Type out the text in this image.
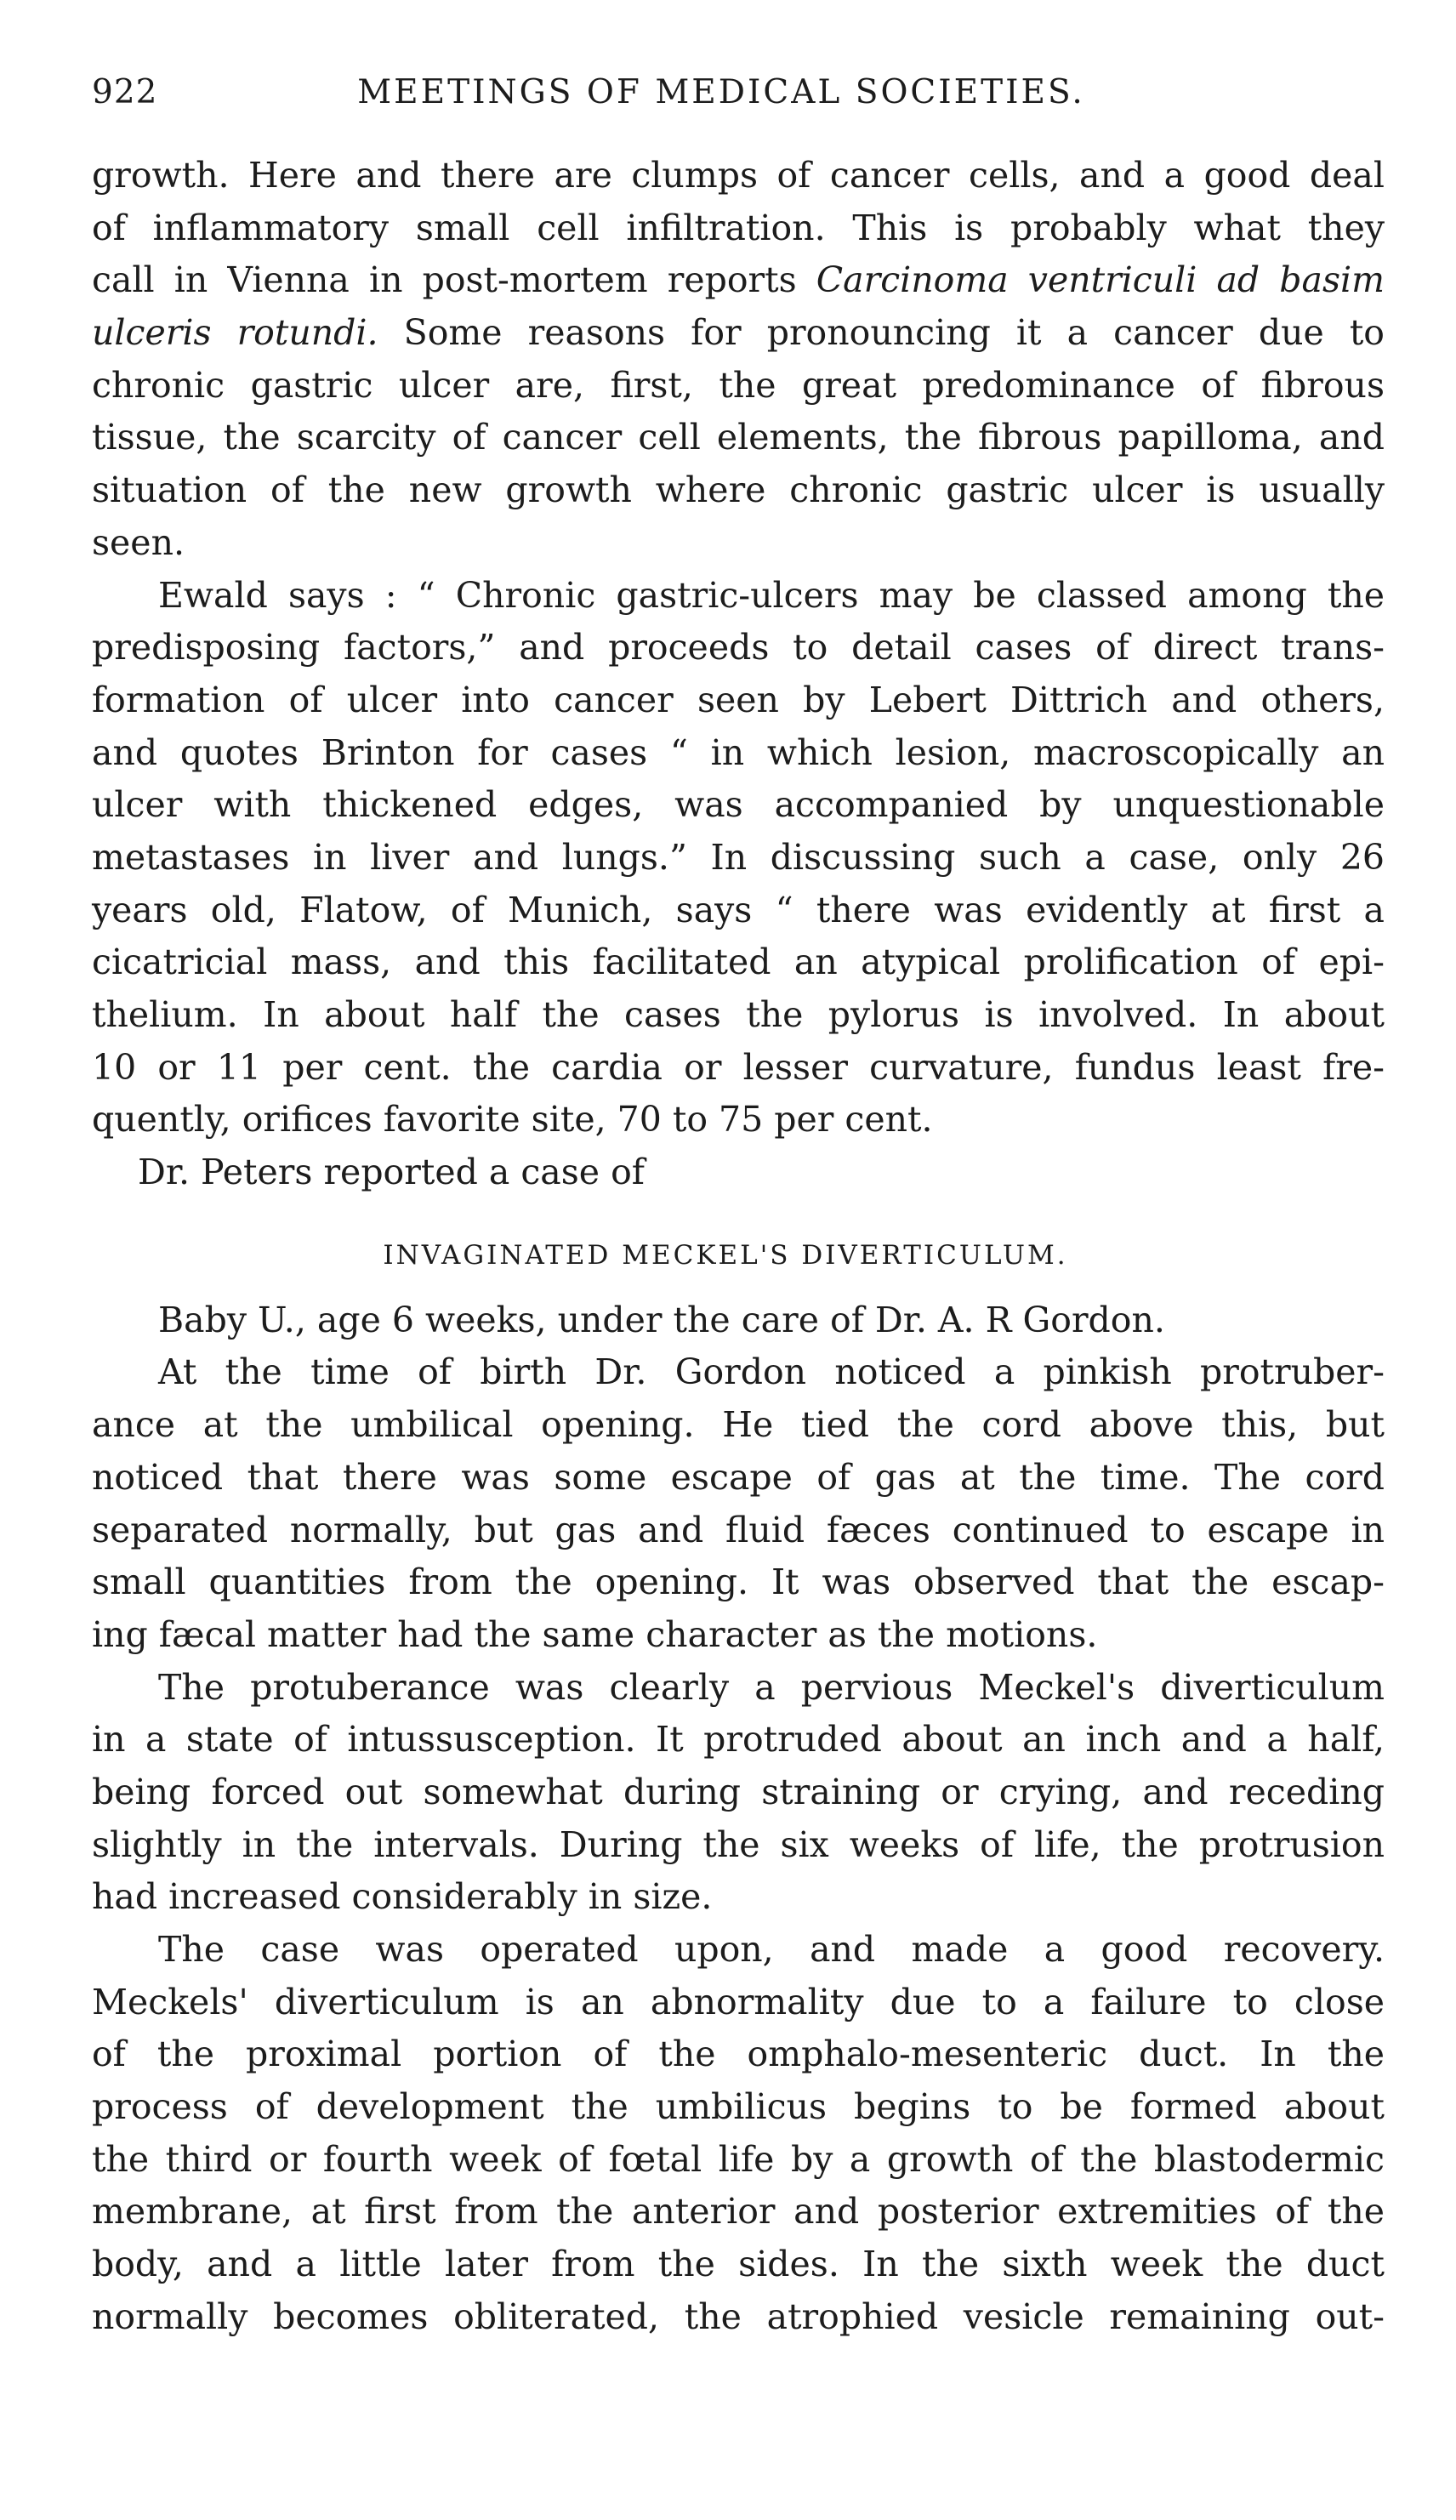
922	MEETINGS OF MEDICAL SOCIETIES.
growth. Here and there are clumps of cancer cells, and a good deal
of inflammatory small cell infiltration. This is probably what they
call in Vienna in post-mortem reports Carcinoma ventriculi ad basim
ulceris rotundi. Some reasons for pronouncing it a cancer due to
chronic gastric ulcer are, first, the great predominance of fibrous
tissue, the scarcity of cancer cell elements, the fibrous papilloma, and
situation of the new growth where chronic gastric ulcer is usually
seen.
Ewald says : “ Chronic gastric-ulcers may be classed among the
predisposing factors,” and proceeds to detail cases of direct trans-
formation of ulcer into cancer seen by Lebert Dittrich and others,
and quotes Brinton for cases “ in which lesion, macroscopically an
ulcer with thickened edges, was accompanied by unquestionable
metastases in liver and lungs.” In discussing such a case, only 26
years old, Flatow, of Munich, says “ there was evidently at first a
cicatricial mass, and this facilitated an atypical prolification of epi-
thelium. In about half the cases the pylorus is involved. In about
10 or 11 per cent. the cardia or lesser curvature, fundus least fre-
quently, orifices favorite site, 70 to 75 per cent.
Dr. Peters reported a case of
INVAGINATED MECKEL'S DIVERTICULUM.
Baby U., age 6 weeks, under the care of Dr. A. R Gordon.
At the time of birth Dr. Gordon noticed a pinkish protruber-
ance at the umbilical opening. He tied the cord above this, but
noticed that there was some escape of gas at the time. The cord
separated normally, but gas and fluid fæces continued to escape in
small quantities from the opening. It was observed that the escap-
ing fæcal matter had the same character as the motions.
The protuberance was clearly a pervious Meckel's diverticulum
in a state of intussusception. It protruded about an inch and a half,
being forced out somewhat during straining or crying, and receding
slightly in the intervals. During the six weeks of life, the protrusion
had increased considerably in size.
The case was operated upon, and made a good recovery.
Meckels' diverticulum is an abnormality due to a failure to close
of the proximal portion of the omphalo-mesenteric duct. In the
process of development the umbilicus begins to be formed about
the third or fourth week of fœtal life by a growth of the blastodermic
membrane, at first from the anterior and posterior extremities of the
body, and a little later from the sides. In the sixth week the duct
normally becomes obliterated, the atrophied vesicle remaining out-
